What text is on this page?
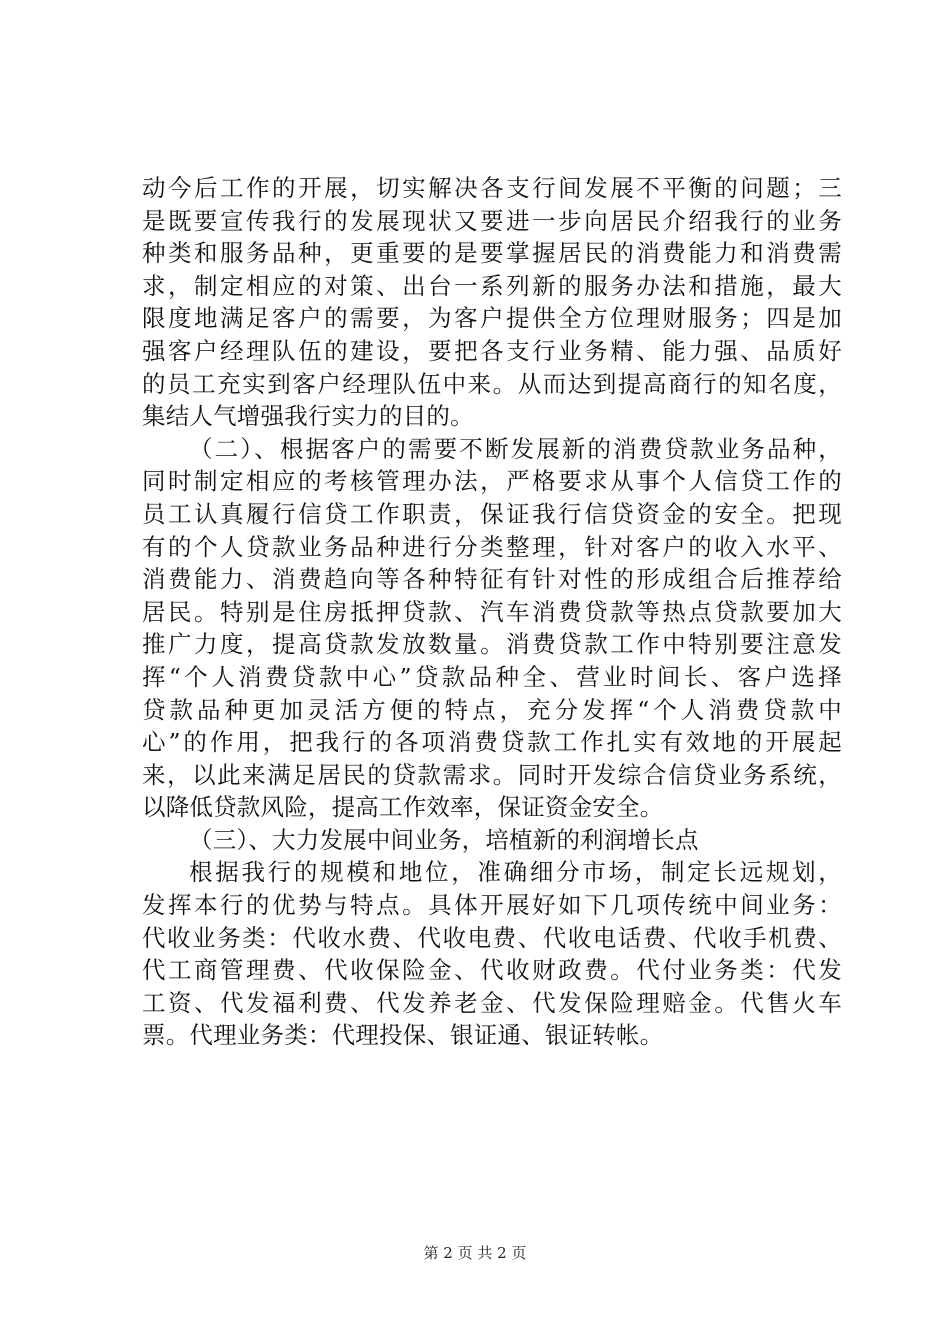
动今后工作的开展，切实解决各支行间发展不平衡的问题；三
是既要宣传我行的发展现状又要进一步向居民介绍我行的业务
种类和服务品种，更重要的是要掌握居民的消费能力和消费需
求，制定相应的对策、出台一系列新的服务办法和措施，最大
限度地满足客户的需要，为客户提供全方位理财服务；四是加
强客户经理队伍的建设，要把各支行业务精、能力强、品质好
的员工充实到客户经理队伍中来。从而达到提高商行的知名度，
集结人气增强我行实力的目的。
（二）、根据客户的需要不断发展新的消费贷款业务品种，
同时制定相应的考核管理办法，严格要求从事个人信贷工作的
员工认真履行信贷工作职责，保证我行信贷资金的安全。把现
有的个人贷款业务品种进行分类整理，针对客户的收入水平、
消费能力、消费趋向等各种特征有针对性的形成组合后推荐给
居民。特别是住房抵押贷款、汽车消费贷款等热点贷款要加大
推广力度，提高贷款发放数量。消费贷款工作中特别要注意发
挥“个人消费贷款中心”贷款品种全、营业时间长、客户选择
贷款品种更加灵活方便的特点，充分发挥“个人消费贷款中
心”的作用，把我行的各项消费贷款工作扎实有效地的开展起
来，以此来满足居民的贷款需求。同时开发综合信贷业务系统，
以降低贷款风险，提高工作效率，保证资金安全。
（三）、大力发展中间业务，培植新的利润增长点
根据我行的规模和地位，准确细分市场，制定长远规划，
发挥本行的优势与特点。具体开展好如下几项传统中间业务：
代收业务类：代收水费、代收电费、代收电话费、代收手机费、
代工商管理费、代收保险金、代收财政费。代付业务类：代发
工资、代发福利费、代发养老金、代发保险理赔金。代售火车
票。代理业务类：代理投保、银证通、银证转帐。
第 2 页 共 2 页
